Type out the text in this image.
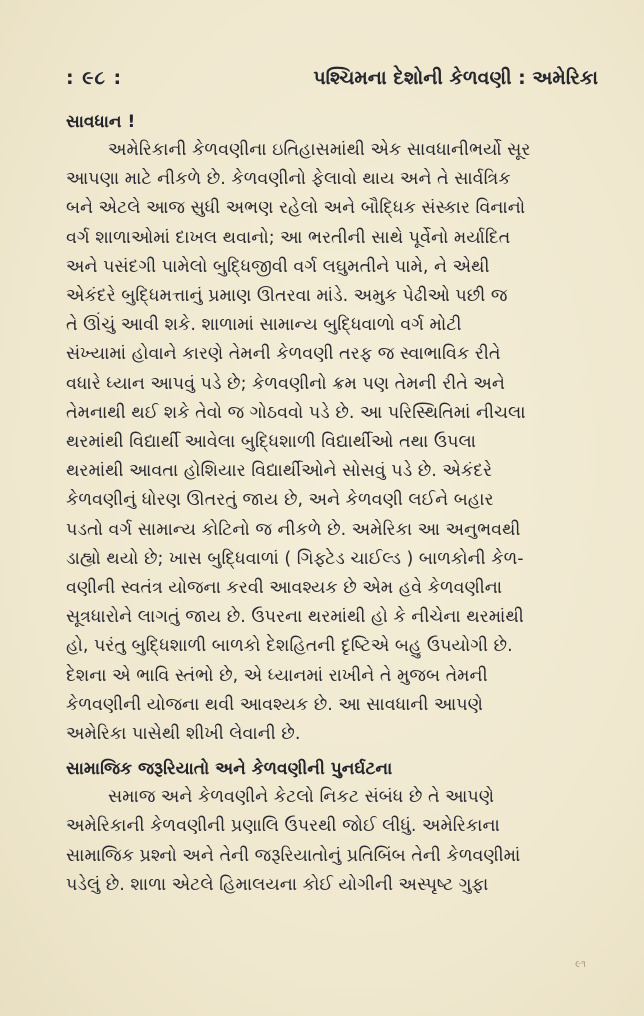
: ૯૮ :	પશ્ચિમના દેશોની કેળવણી : અમેરિકા
સાવધાન !
અમેરિકાની કેળવણીના ઇતિહાસમાંથી એક સાવધાનીભર્યો સૂર
આપણા માટે નીકળે છે. કેળવણીનો ફેલાવો થાય અને તે સાર્વત્રિક
બને એટલે આજ સુધી અભણ રહેલો અને બૌદ્ધિક સંસ્કાર વિનાનો
વર્ગ શાળાઓમાં દાખલ થવાનો; આ ભરતીની સાથે પૂર્વેનો મર્યાદિત
અને પસંદગી પામેલો બુદ્ધિજીવી વર્ગ લઘુમતીને પામે, ને એથી
એકંદરે બુદ્ધિમત્તાનું પ્રમાણ ઊતરવા માંડે. અમુક પેઢીઓ પછી જ
તે ઊંચું આવી શકે. શાળામાં સામાન્ય બુદ્ધિવાળો વર્ગ મોટી
સંખ્યામાં હોવાને કારણે તેમની કેળવણી તરફ જ સ્વાભાવિક રીતે
વધારે ધ્યાન આપવું પડે છે; કેળવણીનો ક્રમ પણ તેમની રીતે અને
તેમનાથી થઈ શકે તેવો જ ગોઠવવો પડે છે. આ પરિસ્થિતિમાં નીચલા
થરમાંથી વિદ્યાર્થી આવેલા બુદ્ધિશાળી વિદ્યાર્થીઓ તથા ઉપલા
થરમાંથી આવતા હોશિયાર વિદ્યાર્થીઓને સોસવું પડે છે. એકંદરે
કેળવણીનું ધોરણ ઊતરતું જાય છે, અને કેળવણી લઈને બહાર
પડતો વર્ગ સામાન્ય કોટિનો જ નીકળે છે. અમેરિકા આ અનુભવથી
ડાહ્યો થયો છે; ખાસ બુદ્ધિવાળાં ( ગિફ્ટેડ ચાઈલ્ડ ) બાળકોની કેળ-
વણીની સ્વતંત્ર યોજના કરવી આવશ્યક છે એમ હવે કેળવણીના
સૂત્રધારોને લાગતું જાય છે. ઉપરના થરમાંથી હો કે નીચેના થરમાંથી
હો, પરંતુ બુદ્ધિશાળી બાળકો દેશહિતની દૃષ્ટિએ બહુ ઉપયોગી છે.
દેશના એ ભાવિ સ્તંભો છે, એ ધ્યાનમાં રાખીને તે મુજબ તેમની
કેળવણીની યોજના થવી આવશ્યક છે. આ સાવધાની આપણે
અમેરિકા પાસેથી શીખી લેવાની છે.
સામાજિક જરૂરિયાતો અને કેળવણીની પુનર્ઘટના
સમાજ અને કેળવણીને કેટલો નિકટ સંબંધ છે તે આપણે
અમેરિકાની કેળવણીની પ્રણાલિ ઉપરથી જોઈ લીધું. અમેરિકાના
સામાજિક પ્રશ્નો અને તેની જરૂરિયાતોનું પ્રતિબિંબ તેની કેળવણીમાં
પડેલું છે. શાળા એટલે હિમાલયના કોઈ યોગીની અસ્પૃષ્ટ ગુફા
૯૧
